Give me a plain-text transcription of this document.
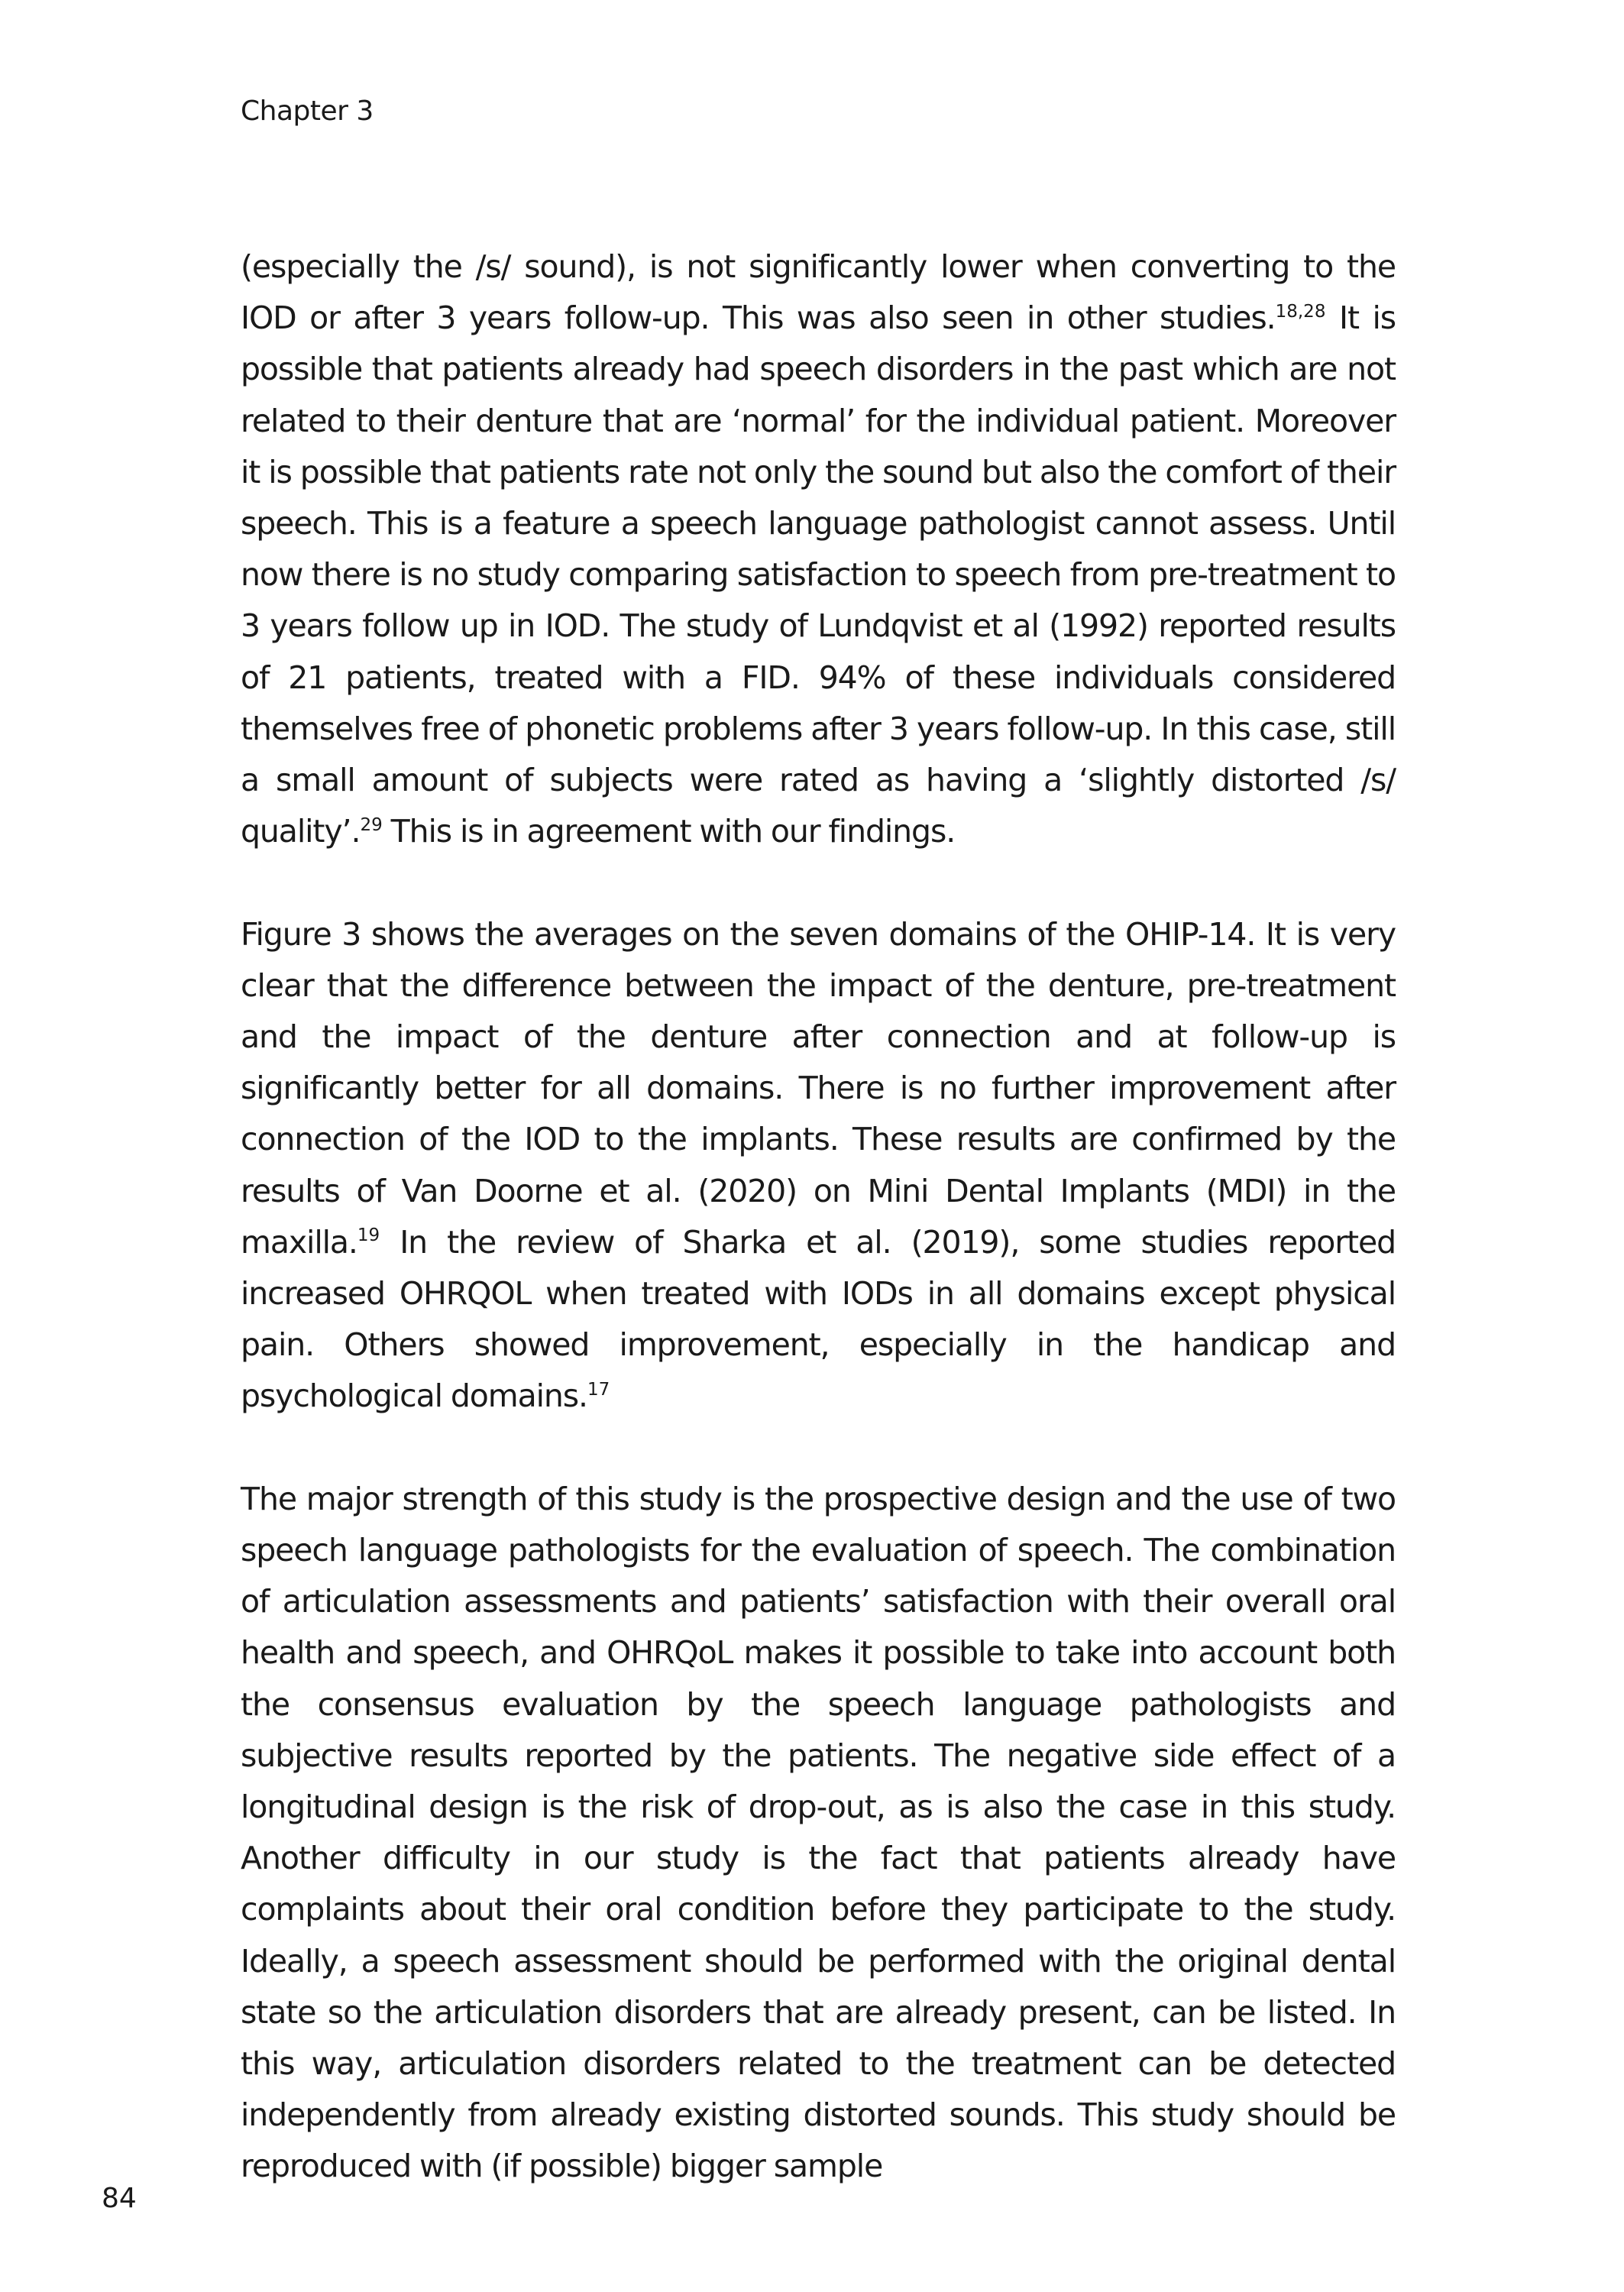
Chapter 3

(especially the /s/ sound), is not significantly lower when converting to the IOD or after 3 years follow-up. This was also seen in other studies.$^{18,28}$ It is possible that patients already had speech disorders in the past which are not related to their denture that are ‘normal’ for the individual patient. Moreover it is possible that patients rate not only the sound but also the comfort of their speech. This is a feature a speech language pathologist cannot assess. Until now there is no study comparing satisfaction to speech from pre-treatment to 3 years follow up in IOD. The study of Lundqvist et al (1992) reported results of 21 patients, treated with a FID. 94% of these individuals considered themselves free of phonetic problems after 3 years follow-up. In this case, still a small amount of subjects were rated as having a ‘slightly distorted /s/ quality’.$^{29}$ This is in agreement with our findings.

Figure 3 shows the averages on the seven domains of the OHIP-14. It is very clear that the difference between the impact of the denture, pre-treatment and the impact of the denture after connection and at follow-up is significantly better for all domains. There is no further improvement after connection of the IOD to the implants. These results are confirmed by the results of Van Doorne et al. (2020) on Mini Dental Implants (MDI) in the maxilla.$^{19}$ In the review of Sharka et al. (2019), some studies reported increased OHRQOL when treated with IODs in all domains except physical pain. Others showed improvement, especially in the handicap and psychological domains.$^{17}$

The major strength of this study is the prospective design and the use of two speech language pathologists for the evaluation of speech. The combination of articulation assessments and patients’ satisfaction with their overall oral health and speech, and OHRQoL makes it possible to take into account both the consensus evaluation by the speech language pathologists and subjective results reported by the patients. The negative side effect of a longitudinal design is the risk of drop-out, as is also the case in this study. Another difficulty in our study is the fact that patients already have complaints about their oral condition before they participate to the study. Ideally, a speech assessment should be performed with the original dental state so the articulation disorders that are already present, can be listed. In this way, articulation disorders related to the treatment can be detected independently from already existing distorted sounds. This study should be reproduced with (if possible) bigger sample

84
